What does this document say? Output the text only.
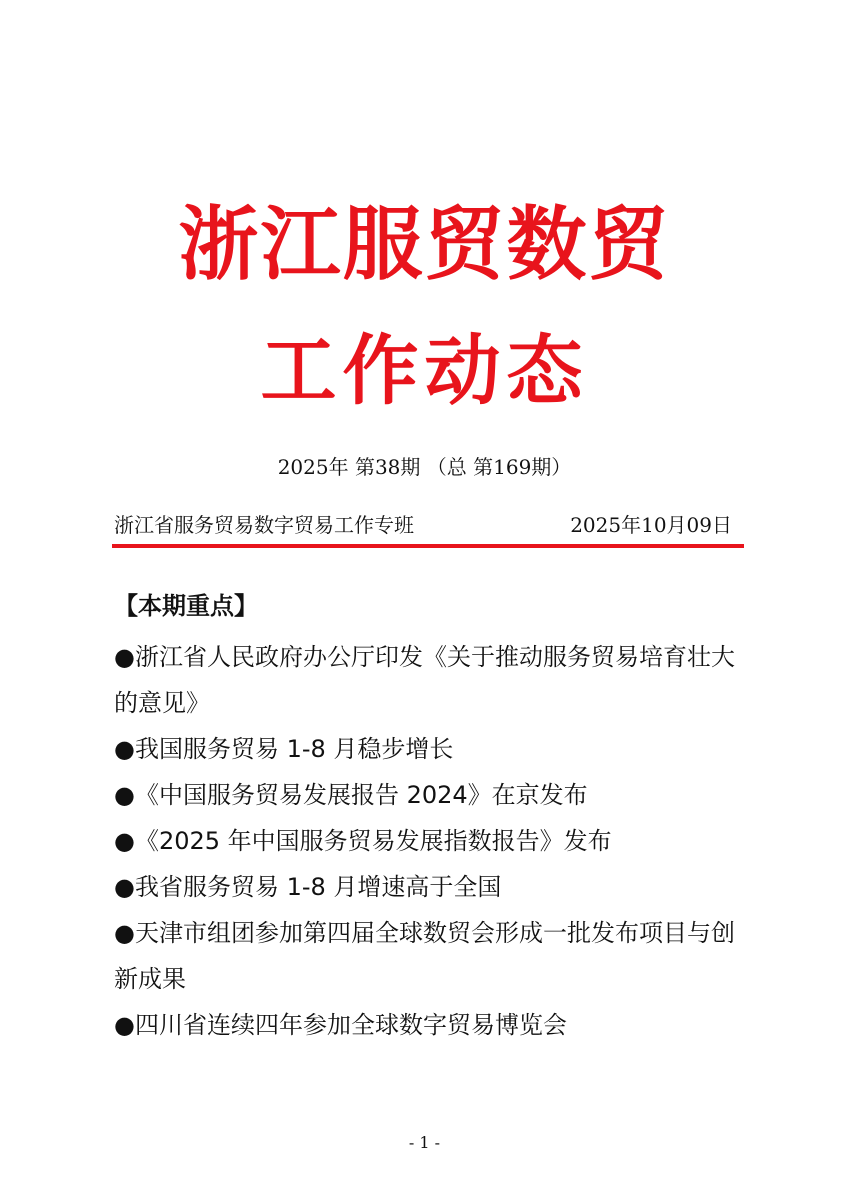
浙江服贸数贸
工作动态
2025年 第38期 （总 第169期）
浙江省服务贸易数字贸易工作专班	2025年10月09日

【本期重点】

●浙江省人民政府办公厅印发《关于推动服务贸易培育壮大的意见》

●我国服务贸易 1-8 月稳步增长

●《中国服务贸易发展报告 2024》在京发布

●《2025 年中国服务贸易发展指数报告》发布

●我省服务贸易 1-8 月增速高于全国

●天津市组团参加第四届全球数贸会形成一批发布项目与创新成果

●四川省连续四年参加全球数字贸易博览会

- 1 -
